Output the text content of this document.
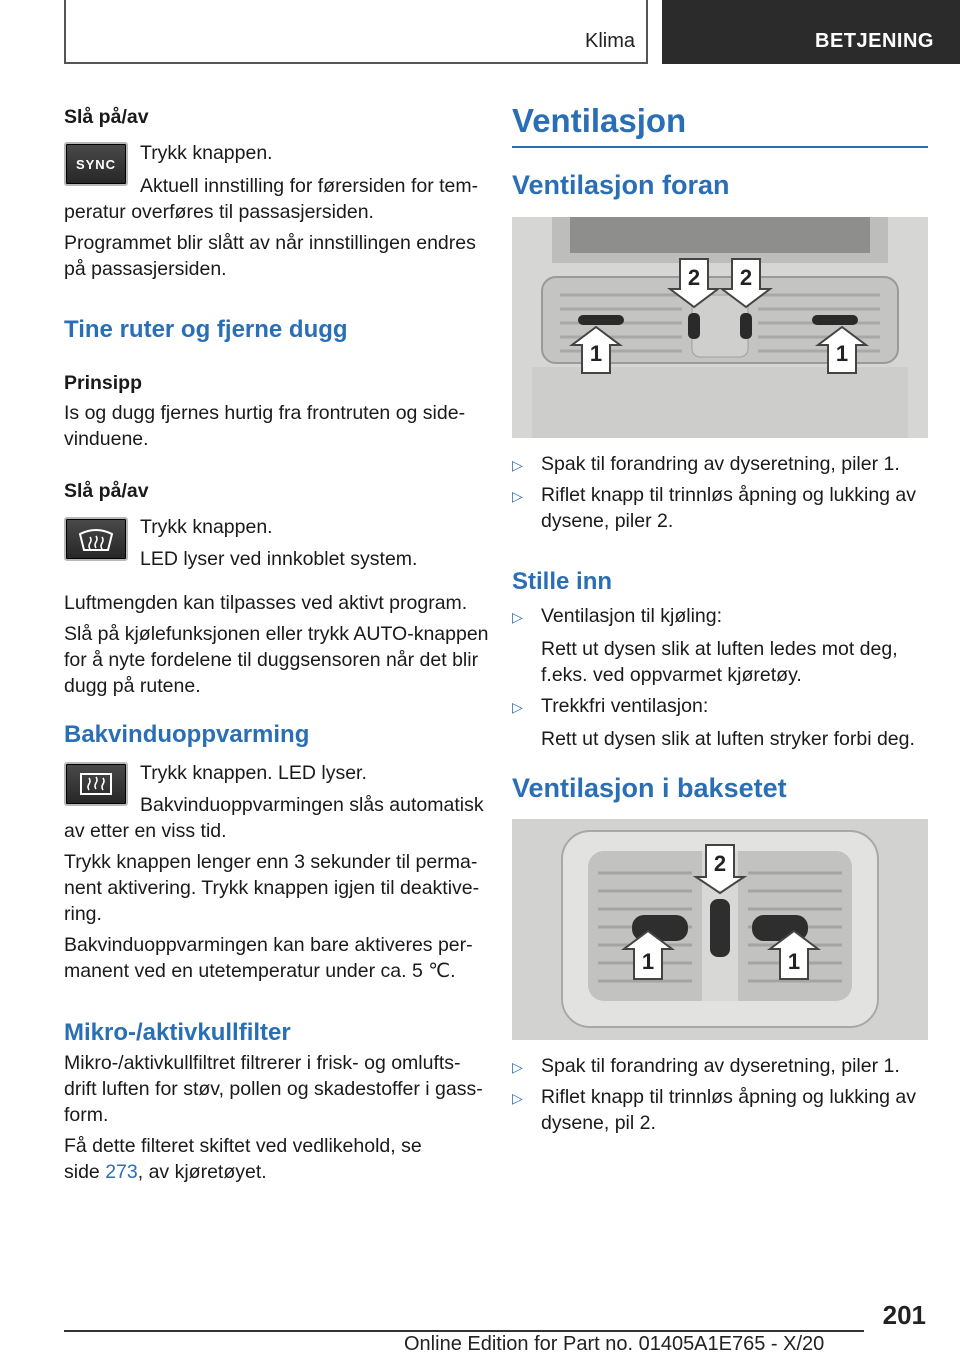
Klima	BETJENING
Slå på/av
SYNC Trykk knappen.
Aktuell innstilling for førersiden for tem-
peratur overføres til passasjersiden.
Programmet blir slått av når innstillingen endres
på passasjersiden.
Tine ruter og fjerne dugg
Prinsipp
Is og dugg fjernes hurtig fra frontruten og side-
vinduene.
Slå på/av
Trykk knappen.
LED lyser ved innkoblet system.
Luftmengden kan tilpasses ved aktivt program.
Slå på kjølefunksjonen eller trykk AUTO-knappen
for å nyte fordelene til duggsensoren når det blir
dugg på rutene.
Bakvinduoppvarming
Trykk knappen. LED lyser.
Bakvinduoppvarmingen slås automatisk
av etter en viss tid.
Trykk knappen lenger enn 3 sekunder til perma-
nent aktivering. Trykk knappen igjen til deaktive-
ring.
Bakvinduoppvarmingen kan bare aktiveres per-
manent ved en utetemperatur under ca. 5 ℃.
Mikro-/aktivkullfilter
Mikro-/aktivkullfiltret filtrerer i frisk- og omlufts-
drift luften for støv, pollen og skadestoffer i gass-
form.
Få dette filteret skiftet ved vedlikehold, se
side 273, av kjøretøyet.
Ventilasjon
Ventilasjon foran
1	1
2 2
▷ Spak til forandring av dyseretning, piler 1.
▷ Riflet knapp til trinnløs åpning og lukking av
dysene, piler 2.
Stille inn
▷ Ventilasjon til kjøling:
Rett ut dysen slik at luften ledes mot deg,
f.eks. ved oppvarmet kjøretøy.
▷ Trekkfri ventilasjon:
Rett ut dysen slik at luften stryker forbi deg.
Ventilasjon i baksetet
1	1
2
▷ Spak til forandring av dyseretning, piler 1.
▷ Riflet knapp til trinnløs åpning og lukking av
dysene, pil 2.
201
Online Edition for Part no. 01405A1E765 - X/20
